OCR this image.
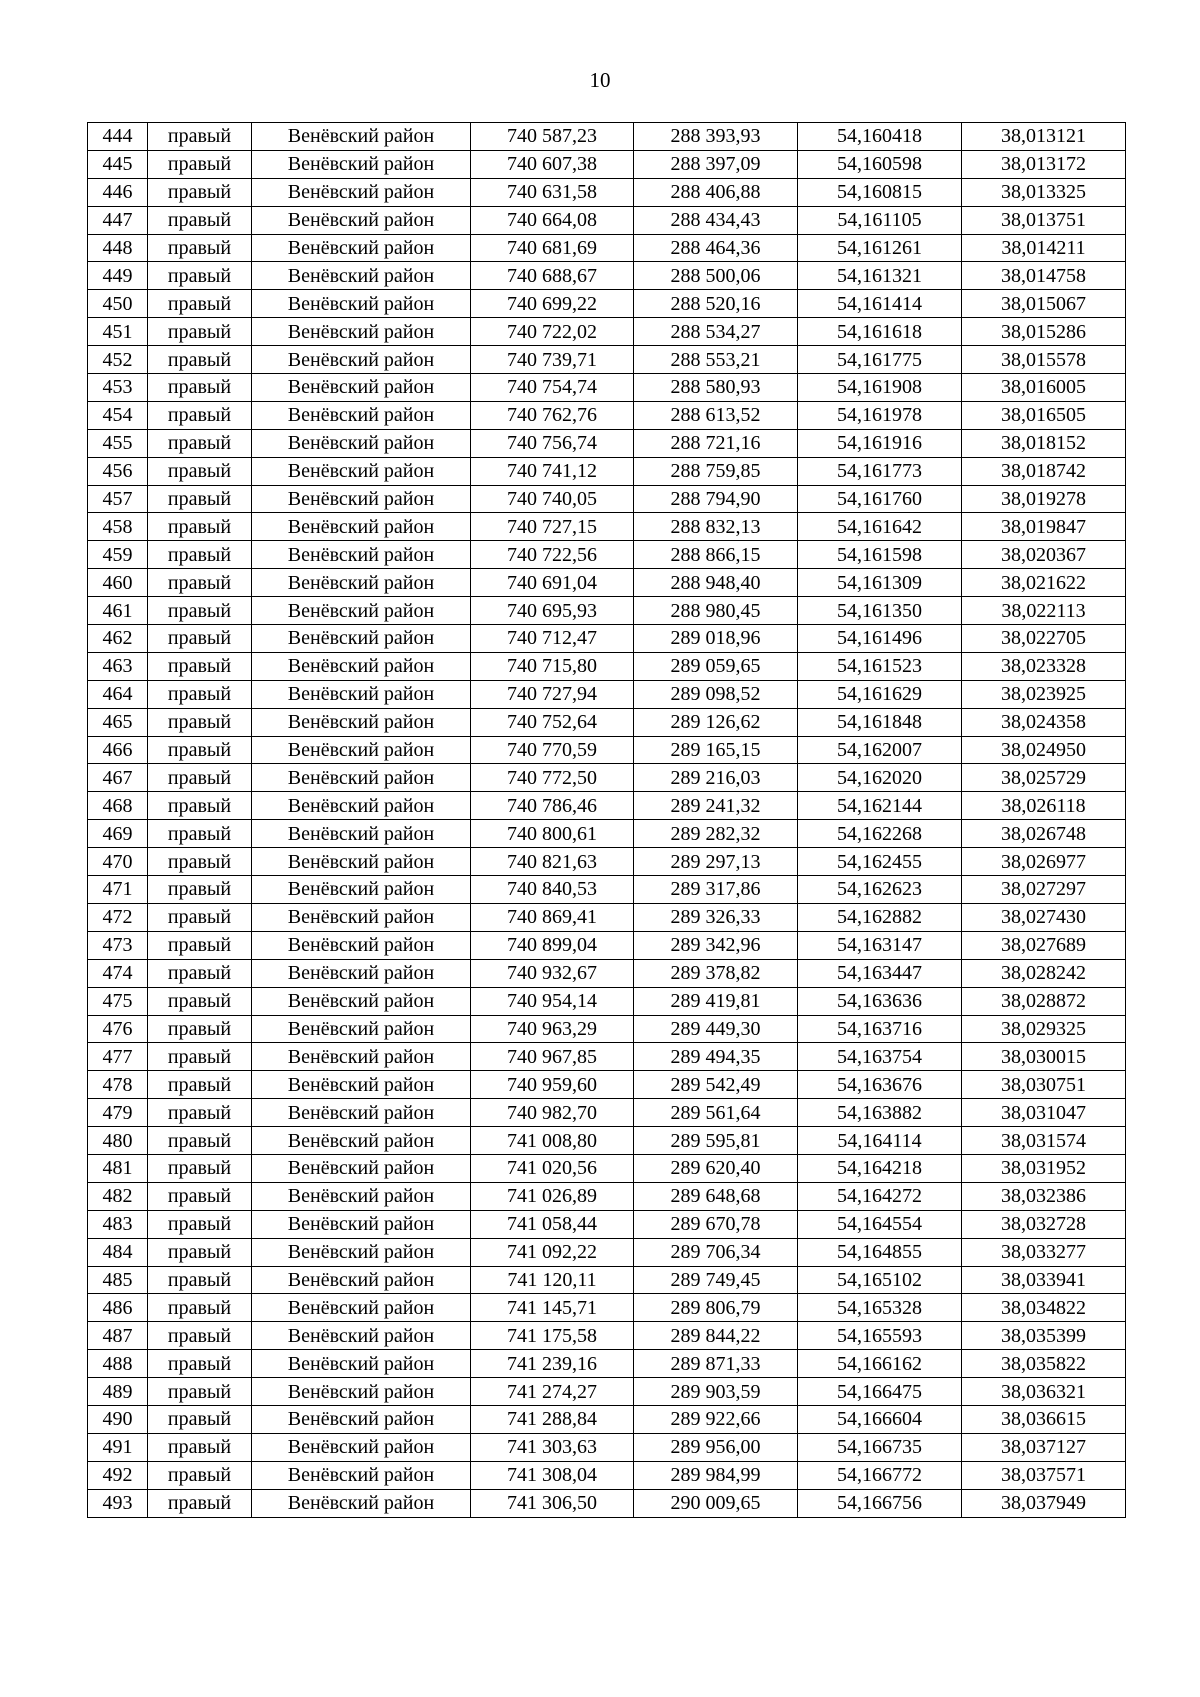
10
444	правый	Венёвский район	740 587,23	288 393,93	54,160418	38,013121
445	правый	Венёвский район	740 607,38	288 397,09	54,160598	38,013172
446	правый	Венёвский район	740 631,58	288 406,88	54,160815	38,013325
447	правый	Венёвский район	740 664,08	288 434,43	54,161105	38,013751
448	правый	Венёвский район	740 681,69	288 464,36	54,161261	38,014211
449	правый	Венёвский район	740 688,67	288 500,06	54,161321	38,014758
450	правый	Венёвский район	740 699,22	288 520,16	54,161414	38,015067
451	правый	Венёвский район	740 722,02	288 534,27	54,161618	38,015286
452	правый	Венёвский район	740 739,71	288 553,21	54,161775	38,015578
453	правый	Венёвский район	740 754,74	288 580,93	54,161908	38,016005
454	правый	Венёвский район	740 762,76	288 613,52	54,161978	38,016505
455	правый	Венёвский район	740 756,74	288 721,16	54,161916	38,018152
456	правый	Венёвский район	740 741,12	288 759,85	54,161773	38,018742
457	правый	Венёвский район	740 740,05	288 794,90	54,161760	38,019278
458	правый	Венёвский район	740 727,15	288 832,13	54,161642	38,019847
459	правый	Венёвский район	740 722,56	288 866,15	54,161598	38,020367
460	правый	Венёвский район	740 691,04	288 948,40	54,161309	38,021622
461	правый	Венёвский район	740 695,93	288 980,45	54,161350	38,022113
462	правый	Венёвский район	740 712,47	289 018,96	54,161496	38,022705
463	правый	Венёвский район	740 715,80	289 059,65	54,161523	38,023328
464	правый	Венёвский район	740 727,94	289 098,52	54,161629	38,023925
465	правый	Венёвский район	740 752,64	289 126,62	54,161848	38,024358
466	правый	Венёвский район	740 770,59	289 165,15	54,162007	38,024950
467	правый	Венёвский район	740 772,50	289 216,03	54,162020	38,025729
468	правый	Венёвский район	740 786,46	289 241,32	54,162144	38,026118
469	правый	Венёвский район	740 800,61	289 282,32	54,162268	38,026748
470	правый	Венёвский район	740 821,63	289 297,13	54,162455	38,026977
471	правый	Венёвский район	740 840,53	289 317,86	54,162623	38,027297
472	правый	Венёвский район	740 869,41	289 326,33	54,162882	38,027430
473	правый	Венёвский район	740 899,04	289 342,96	54,163147	38,027689
474	правый	Венёвский район	740 932,67	289 378,82	54,163447	38,028242
475	правый	Венёвский район	740 954,14	289 419,81	54,163636	38,028872
476	правый	Венёвский район	740 963,29	289 449,30	54,163716	38,029325
477	правый	Венёвский район	740 967,85	289 494,35	54,163754	38,030015
478	правый	Венёвский район	740 959,60	289 542,49	54,163676	38,030751
479	правый	Венёвский район	740 982,70	289 561,64	54,163882	38,031047
480	правый	Венёвский район	741 008,80	289 595,81	54,164114	38,031574
481	правый	Венёвский район	741 020,56	289 620,40	54,164218	38,031952
482	правый	Венёвский район	741 026,89	289 648,68	54,164272	38,032386
483	правый	Венёвский район	741 058,44	289 670,78	54,164554	38,032728
484	правый	Венёвский район	741 092,22	289 706,34	54,164855	38,033277
485	правый	Венёвский район	741 120,11	289 749,45	54,165102	38,033941
486	правый	Венёвский район	741 145,71	289 806,79	54,165328	38,034822
487	правый	Венёвский район	741 175,58	289 844,22	54,165593	38,035399
488	правый	Венёвский район	741 239,16	289 871,33	54,166162	38,035822
489	правый	Венёвский район	741 274,27	289 903,59	54,166475	38,036321
490	правый	Венёвский район	741 288,84	289 922,66	54,166604	38,036615
491	правый	Венёвский район	741 303,63	289 956,00	54,166735	38,037127
492	правый	Венёвский район	741 308,04	289 984,99	54,166772	38,037571
493	правый	Венёвский район	741 306,50	290 009,65	54,166756	38,037949
